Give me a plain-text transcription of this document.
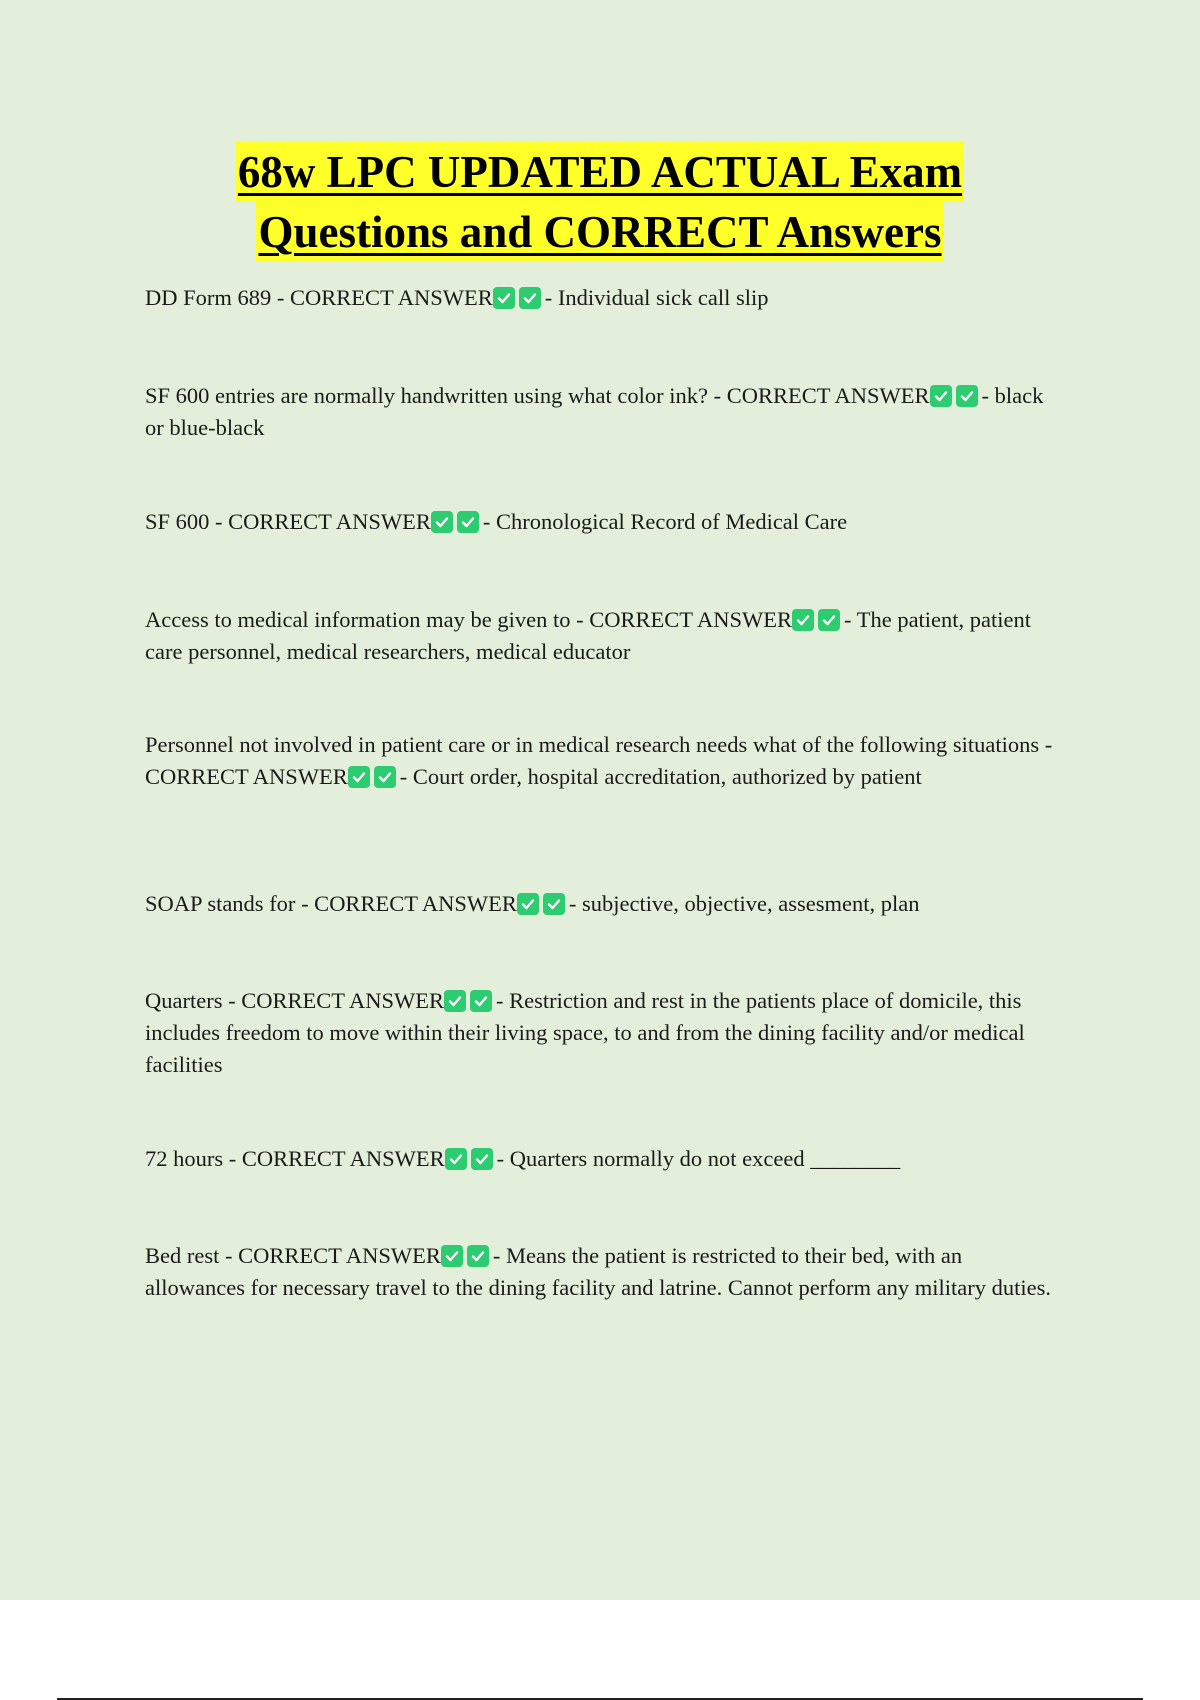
68w LPC UPDATED ACTUAL Exam
Questions and CORRECT Answers

DD Form 689 - CORRECT ANSWER - Individual sick call slip

SF 600 entries are normally handwritten using what color ink? - CORRECT ANSWER - black or blue-black

SF 600 - CORRECT ANSWER - Chronological Record of Medical Care

Access to medical information may be given to - CORRECT ANSWER - The patient, patient care personnel, medical researchers, medical educator

Personnel not involved in patient care or in medical research needs what of the following situations - CORRECT ANSWER - Court order, hospital accreditation, authorized by patient

SOAP stands for - CORRECT ANSWER - subjective, objective, assesment, plan

Quarters - CORRECT ANSWER - Restriction and rest in the patients place of domicile, this includes freedom to move within their living space, to and from the dining facility and/or medical facilities

72 hours - CORRECT ANSWER - Quarters normally do not exceed ________

Bed rest - CORRECT ANSWER - Means the patient is restricted to their bed, with an allowances for necessary travel to the dining facility and latrine. Cannot perform any military duties.
